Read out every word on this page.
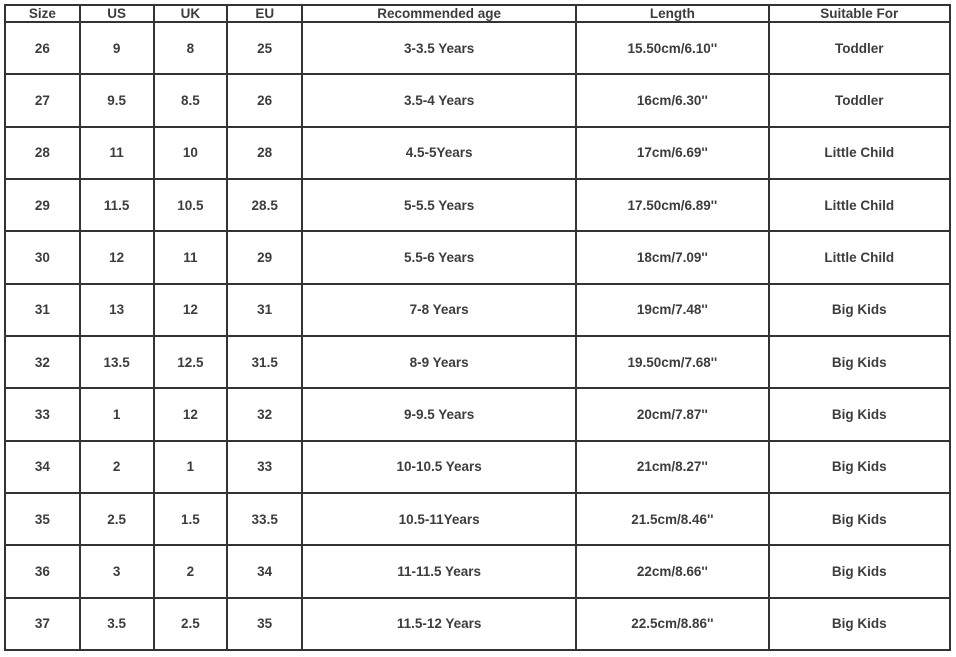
Size	US	UK	EU	Recommended age	Length	Suitable For
26	9	8	25	3-3.5 Years	15.50cm/6.10''	Toddler
27	9.5	8.5	26	3.5-4 Years	16cm/6.30''	Toddler
28	11	10	28	4.5-5Years	17cm/6.69''	Little Child
29	11.5	10.5	28.5	5-5.5 Years	17.50cm/6.89''	Little Child
30	12	11	29	5.5-6 Years	18cm/7.09''	Little Child
31	13	12	31	7-8 Years	19cm/7.48''	Big Kids
32	13.5	12.5	31.5	8-9 Years	19.50cm/7.68''	Big Kids
33	1	12	32	9-9.5 Years	20cm/7.87''	Big Kids
34	2	1	33	10-10.5 Years	21cm/8.27''	Big Kids
35	2.5	1.5	33.5	10.5-11Years	21.5cm/8.46''	Big Kids
36	3	2	34	11-11.5 Years	22cm/8.66''	Big Kids
37	3.5	2.5	35	11.5-12 Years	22.5cm/8.86''	Big Kids
